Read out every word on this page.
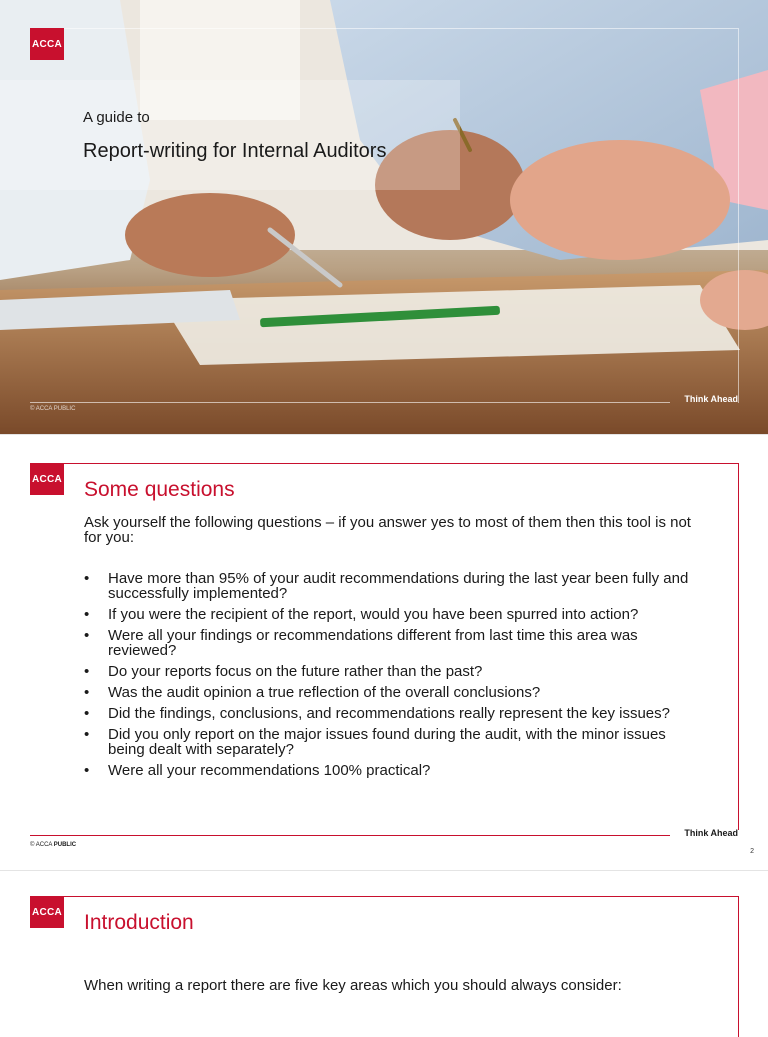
ACCA
A guide to
Report-writing for Internal Auditors
Think Ahead
© ACCA PUBLIC
ACCA Some questions
Ask yourself the following questions – if you answer yes to most of them then this tool is not for you:
• Have more than 95% of your audit recommendations during the last year been fully and successfully implemented?
• If you were the recipient of the report, would you have been spurred into action?
• Were all your findings or recommendations different from last time this area was reviewed?
• Do your reports focus on the future rather than the past?
• Was the audit opinion a true reflection of the overall conclusions?
• Did the findings, conclusions, and recommendations really represent the key issues?
• Did you only report on the major issues found during the audit, with the minor issues being dealt with separately?
• Were all your recommendations 100% practical?
Think Ahead
© ACCA PUBLIC
2
ACCA Introduction
When writing a report there are five key areas which you should always consider:
